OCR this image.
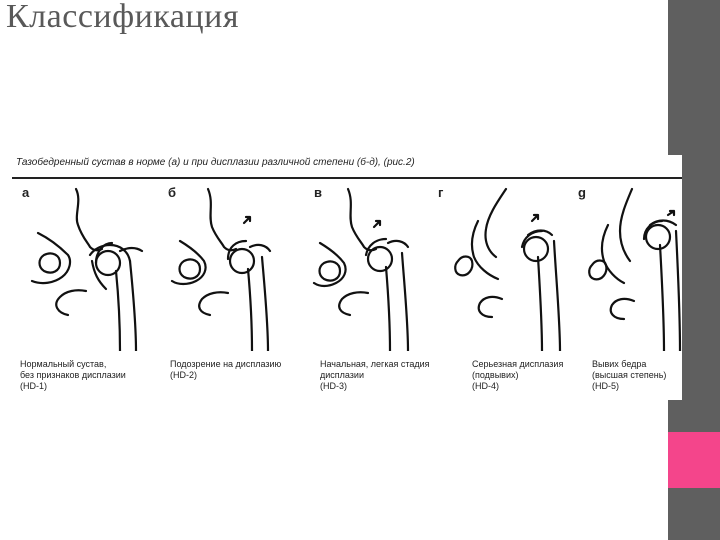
Классификация
Тазобедренный сустав в норме (а) и при дисплазии различной степени (б-д), (рис.2)
а	б	в	г	g
Нормальный сустав,
без признаков дисплазии
(HD-1)
Подозрение на дисплазию
(HD-2)
Начальная, легкая стадия
дисплазии
(HD-3)
Серьезная дисплазия
(подвывих)
(HD-4)
Вывих бедра
(высшая степень)
(HD-5)
